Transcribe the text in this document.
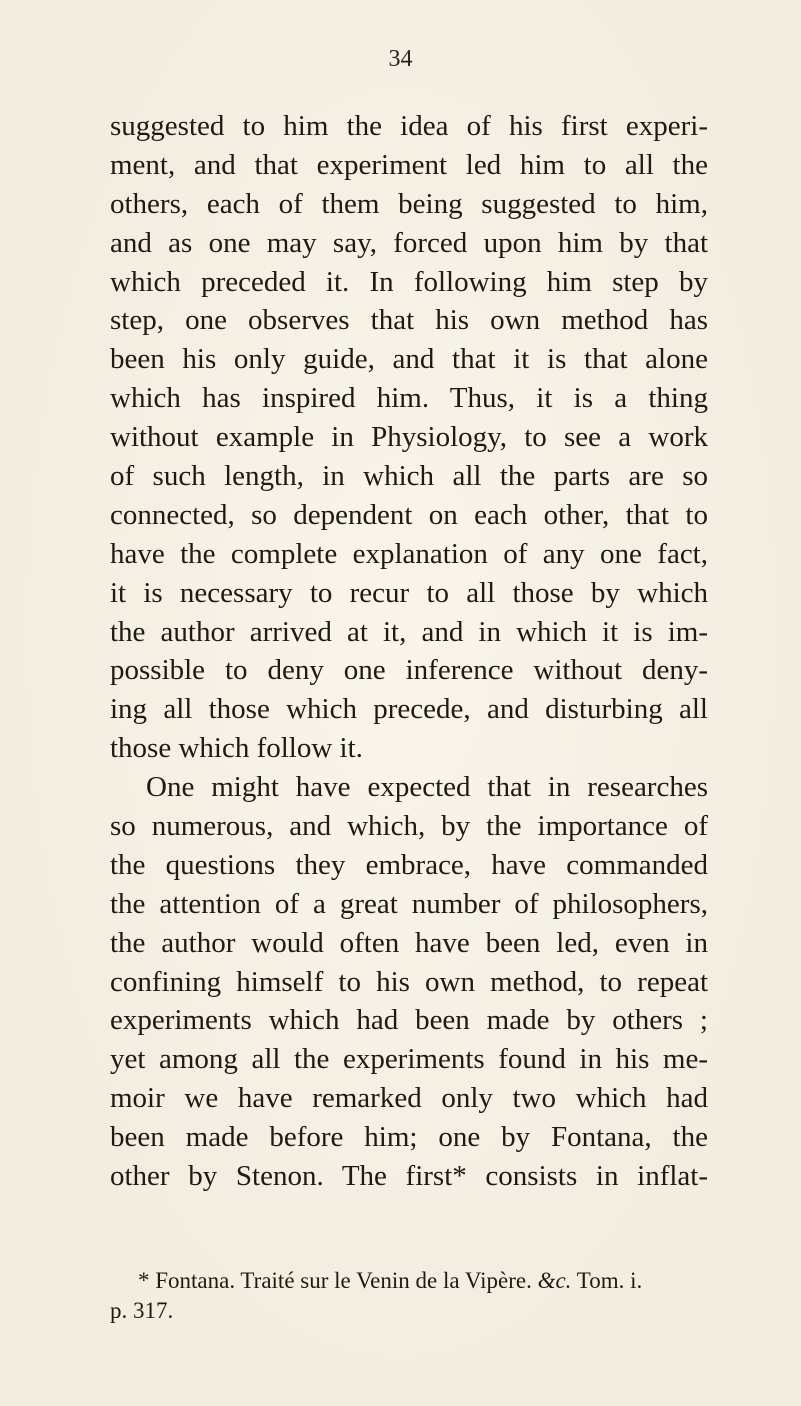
34
suggested to him the idea of his first experi-
ment, and that experiment led him to all the
others, each of them being suggested to him,
and as one may say, forced upon him by that
which preceded it. In following him step by
step, one observes that his own method has
been his only guide, and that it is that alone
which has inspired him. Thus, it is a thing
without example in Physiology, to see a work
of such length, in which all the parts are so
connected, so dependent on each other, that to
have the complete explanation of any one fact,
it is necessary to recur to all those by which
the author arrived at it, and in which it is im-
possible to deny one inference without deny-
ing all those which precede, and disturbing all
those which follow it.
One might have expected that in researches
so numerous, and which, by the importance of
the questions they embrace, have commanded
the attention of a great number of philosophers,
the author would often have been led, even in
confining himself to his own method, to repeat
experiments which had been made by others ;
yet among all the experiments found in his me-
moir we have remarked only two which had
been made before him; one by Fontana, the
other by Stenon. The first* consists in inflat-
* Fontana. Traité sur le Venin de la Vipère. &c. Tom. i.
p. 317.
